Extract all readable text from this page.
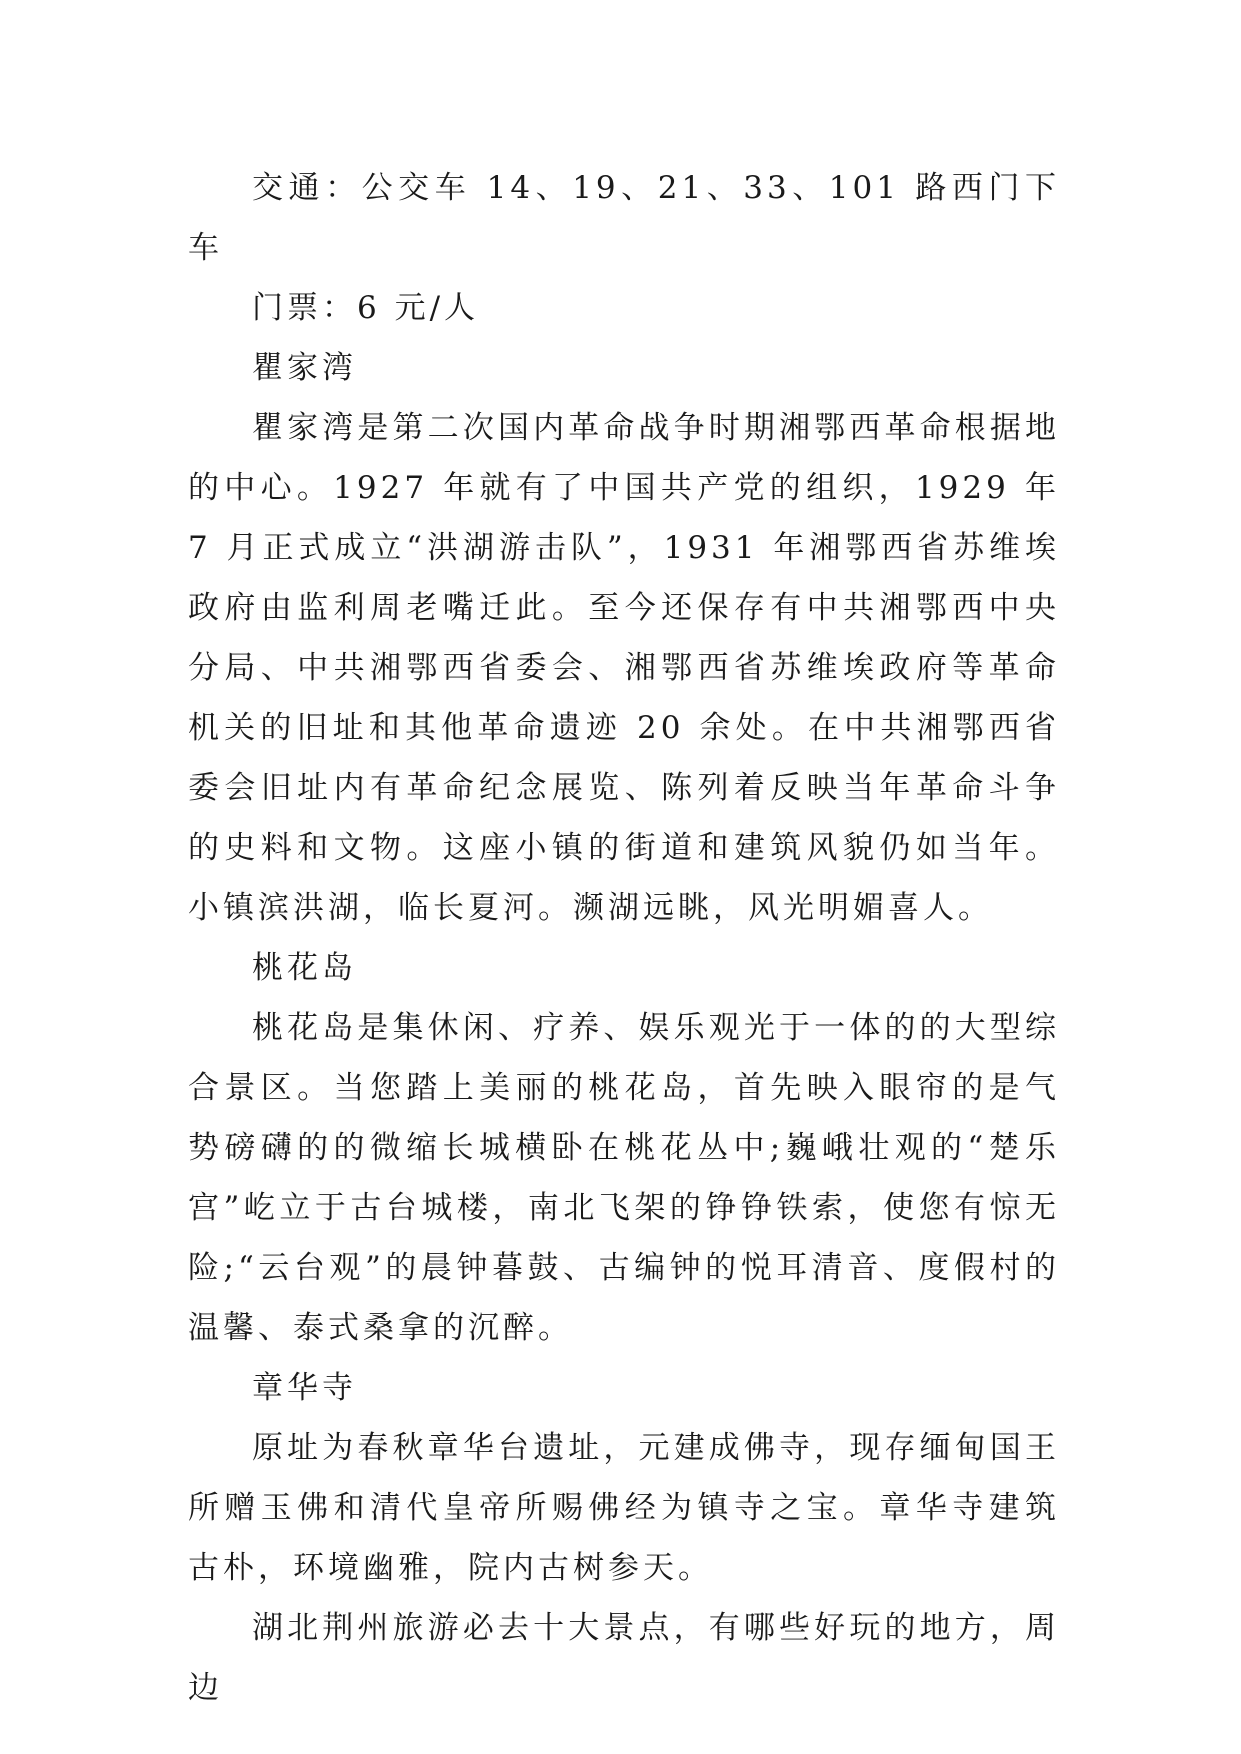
交通：公交车 14、19、21、33、101 路西门下车

门票：6 元/人

瞿家湾

瞿家湾是第二次国内革命战争时期湘鄂西革命根据地的中心。1927 年就有了中国共产党的组织，1929 年 7 月正式成立“洪湖游击队”，1931 年湘鄂西省苏维埃政府由监利周老嘴迁此。至今还保存有中共湘鄂西中央分局、中共湘鄂西省委会、湘鄂西省苏维埃政府等革命机关的旧址和其他革命遗迹 20 余处。在中共湘鄂西省委会旧址内有革命纪念展览、陈列着反映当年革命斗争的史料和文物。这座小镇的街道和建筑风貌仍如当年。小镇滨洪湖，临长夏河。濒湖远眺，风光明媚喜人。

桃花岛

桃花岛是集休闲、疗养、娱乐观光于一体的的大型综合景区。当您踏上美丽的桃花岛，首先映入眼帘的是气势磅礴的的微缩长城横卧在桃花丛中;巍峨壮观的“楚乐宫”屹立于古台城楼，南北飞架的铮铮铁索，使您有惊无险;“云台观”的晨钟暮鼓、古编钟的悦耳清音、度假村的温馨、泰式桑拿的沉醉。

章华寺

原址为春秋章华台遗址，元建成佛寺，现存缅甸国王所赠玉佛和清代皇帝所赐佛经为镇寺之宝。章华寺建筑古朴，环境幽雅，院内古树参天。

湖北荆州旅游必去十大景点，有哪些好玩的地方，周边
